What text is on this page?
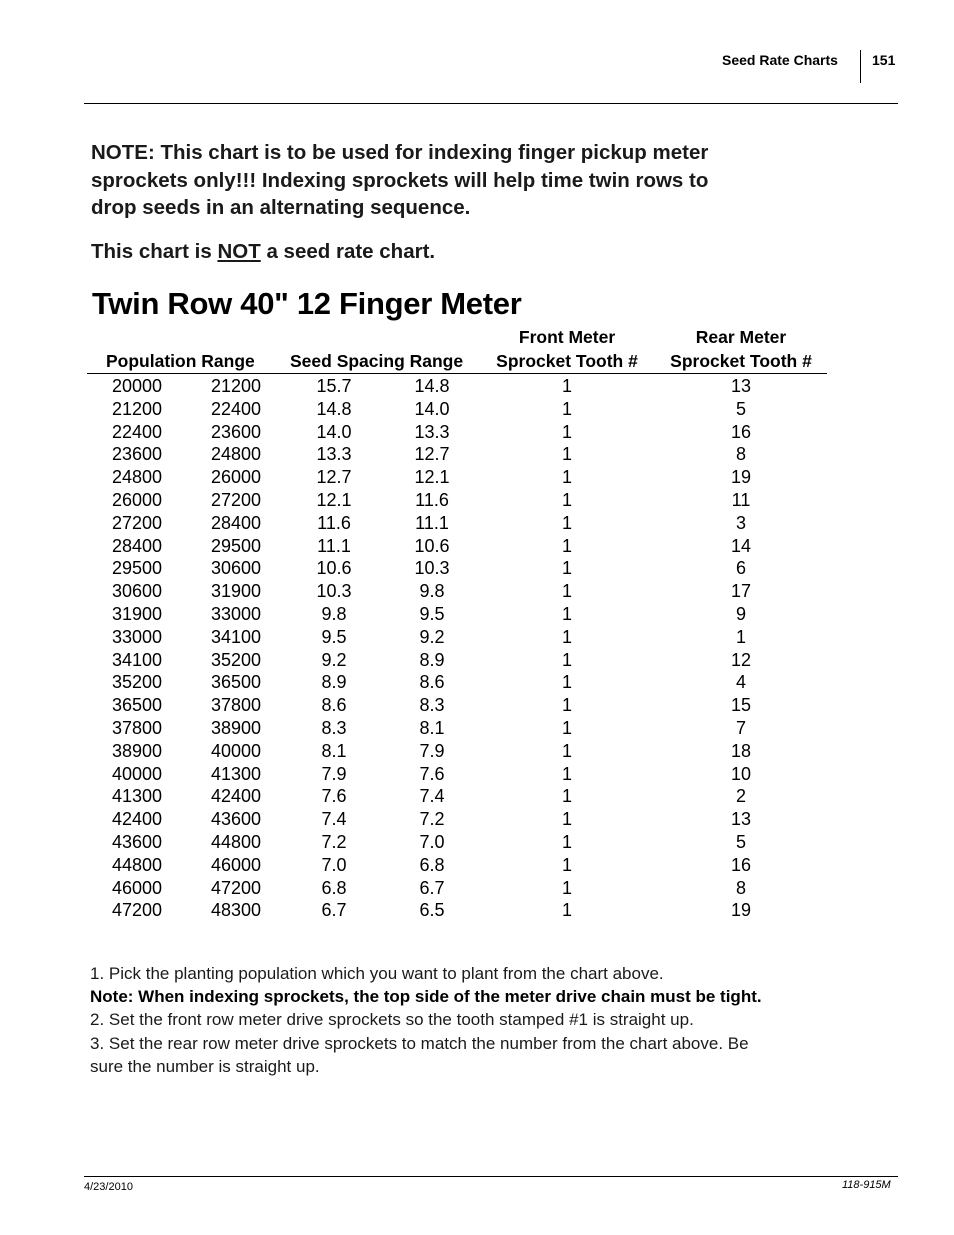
Seed Rate Charts 151
NOTE: This chart is to be used for indexing finger pickup meter
sprockets only!!! Indexing sprockets will help time twin rows to
drop seeds in an alternating sequence.
This chart is NOT a seed rate chart.
Twin Row 40" 12 Finger Meter
Population Range Seed Spacing Range
Front Meter
Sprocket Tooth #
Rear Meter
Sprocket Tooth #
20000	21200	15.7	14.8	1	13
21200	22400	14.8	14.0	1	5
22400	23600	14.0	13.3	1	16
23600	24800	13.3	12.7	1	8
24800	26000	12.7	12.1	1	19
26000	27200	12.1	11.6	1	11
27200	28400	11.6	11.1	1	3
28400	29500	11.1	10.6	1	14
29500	30600	10.6	10.3	1	6
30600	31900	10.3	9.8	1	17
31900	33000	9.8	9.5	1	9
33000	34100	9.5	9.2	1	1
34100	35200	9.2	8.9	1	12
35200	36500	8.9	8.6	1	4
36500	37800	8.6	8.3	1	15
37800	38900	8.3	8.1	1	7
38900	40000	8.1	7.9	1	18
40000	41300	7.9	7.6	1	10
41300	42400	7.6	7.4	1	2
42400	43600	7.4	7.2	1	13
43600	44800	7.2	7.0	1	5
44800	46000	7.0	6.8	1	16
46000	47200	6.8	6.7	1	8
47200	48300	6.7	6.5	1	19

1. Pick the planting population which you want to plant from the chart above.

Note: When indexing sprockets, the top side of the meter drive chain must be tight.

2. Set the front row meter drive sprockets so the tooth stamped #1 is straight up.

3. Set the rear row meter drive sprockets to match the number from the chart above. Be

sure the number is straight up.

4/23/2010	118-915M
